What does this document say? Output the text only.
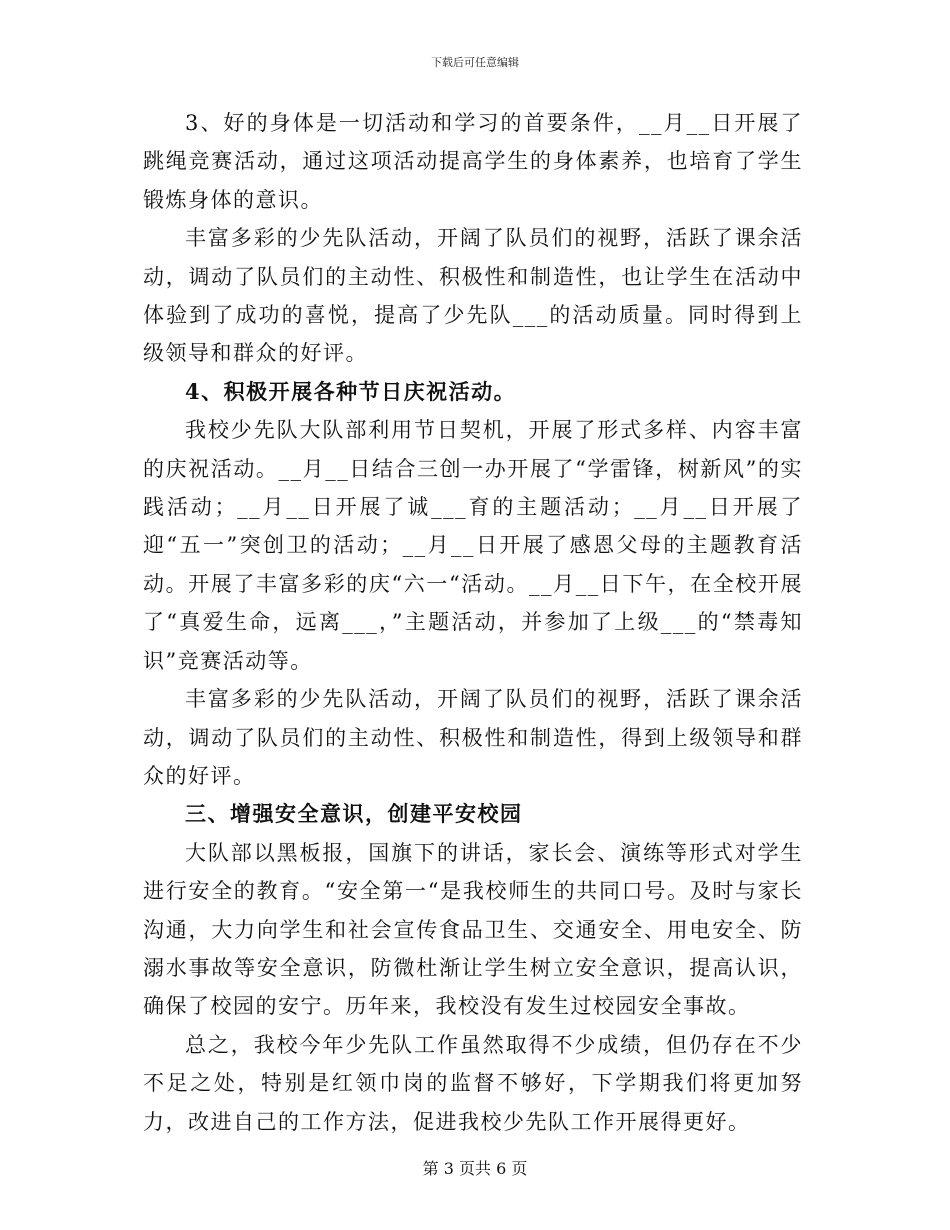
下载后可任意编辑

3、好的身体是一切活动和学习的首要条件，__月__日开展了跳绳竞赛活动，通过这项活动提高学生的身体素养，也培育了学生锻炼身体的意识。

丰富多彩的少先队活动，开阔了队员们的视野，活跃了课余活动，调动了队员们的主动性、积极性和制造性，也让学生在活动中体验到了成功的喜悦，提高了少先队___的活动质量。同时得到上级领导和群众的好评。

4、积极开展各种节日庆祝活动。

我校少先队大队部利用节日契机，开展了形式多样、内容丰富的庆祝活动。__月__日结合三创一办开展了“学雷锋，树新风”的实践活动；__月__日开展了诚___育的主题活动；__月__日开展了迎“五一”突创卫的活动；__月__日开展了感恩父母的主题教育活动。开展了丰富多彩的庆“六一“活动。__月__日下午，在全校开展了“真爱生命，远离___，”主题活动，并参加了上级___的“禁毒知识”竞赛活动等。

丰富多彩的少先队活动，开阔了队员们的视野，活跃了课余活动，调动了队员们的主动性、积极性和制造性，得到上级领导和群众的好评。

三、增强安全意识，创建平安校园

大队部以黑板报，国旗下的讲话，家长会、演练等形式对学生进行安全的教育。“安全第一“是我校师生的共同口号。及时与家长沟通，大力向学生和社会宣传食品卫生、交通安全、用电安全、防溺水事故等安全意识，防微杜渐让学生树立安全意识，提高认识，确保了校园的安宁。历年来，我校没有发生过校园安全事故。

总之，我校今年少先队工作虽然取得不少成绩，但仍存在不少不足之处，特别是红领巾岗的监督不够好，下学期我们将更加努力，改进自己的工作方法，促进我校少先队工作开展得更好。

第 3 页共 6 页
